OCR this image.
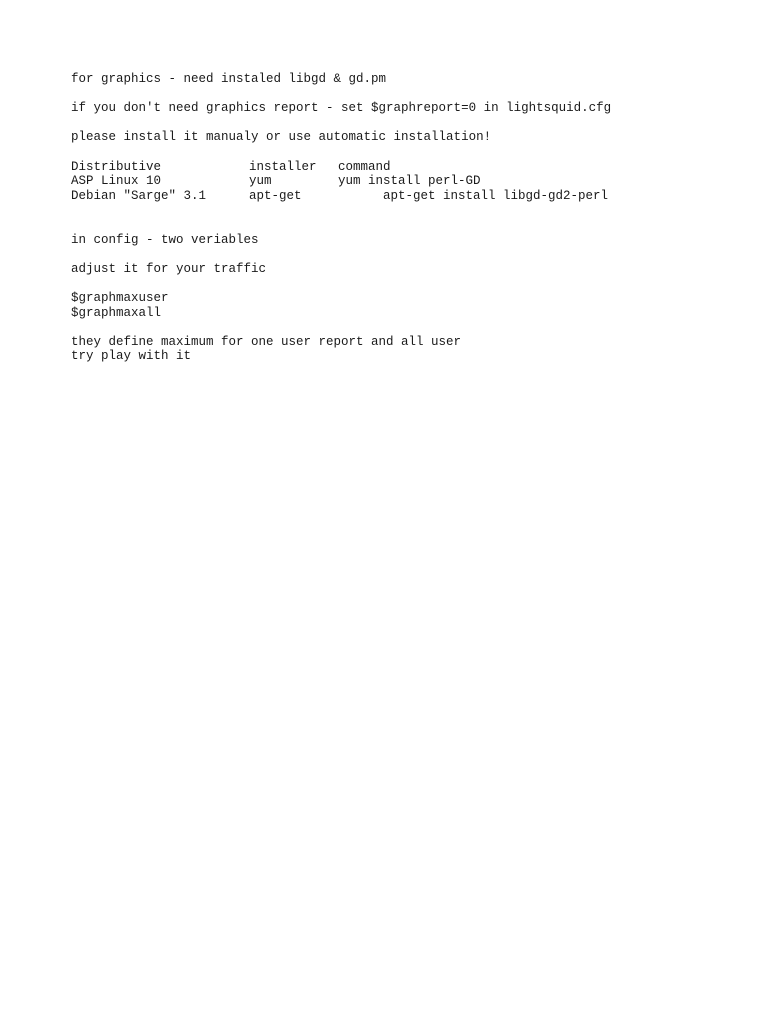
for graphics - need instaled libgd & gd.pm
if you don't need graphics report - set $graphreport=0 in lightsquid.cfg
please install it manualy or use automatic installation!
Distributive	installer	command
ASP Linux 10	yum	yum install perl-GD
Debian "Sarge" 3.1	apt-get	apt-get install libgd-gd2-perl
in config - two veriables
adjust it for your traffic
$graphmaxuser
$graphmaxall
they define maximum for one user report and all user
try play with it
